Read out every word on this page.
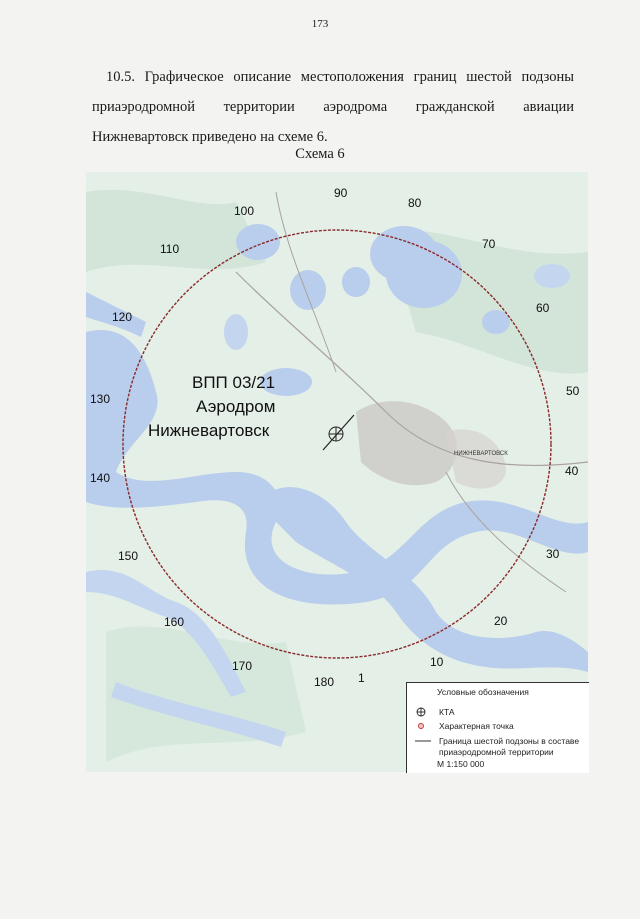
173
10.5. Графическое описание местоположения границ шестой подзоны приаэродромной территории аэродрома гражданской авиации Нижневартовск приведено на схеме 6.
Схема 6
ВПП 03/21
Аэродром
Нижневартовск
НИЖНЕВАРТОВСК
90
80
70
60
50
40
30
20
10
1
180
170
160
150
140
130
120
110
100
Условные обозначения
КТА
Характерная точка
Граница шестой подзоны в составе
приаэродромной территории
М 1:150 000
